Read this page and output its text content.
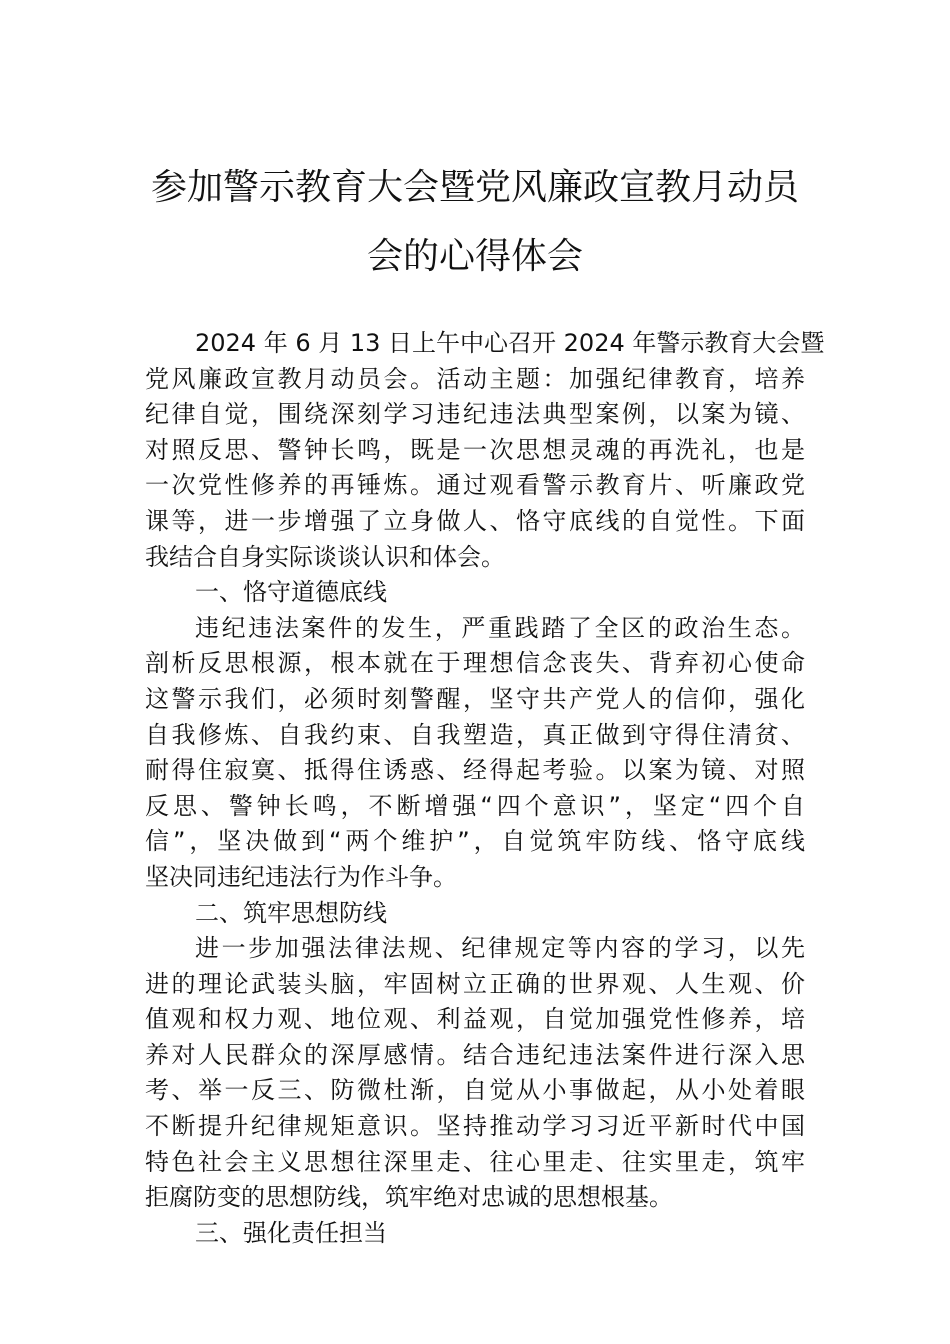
参加警示教育大会暨党风廉政宣教月动员
会的心得体会

2024 年 6 月 13 日上午中心召开 2024 年警示教育大会暨
党风廉政宣教月动员会。活动主题：加强纪律教育，培养
纪律自觉，围绕深刻学习违纪违法典型案例，以案为镜、
对照反思、警钟长鸣，既是一次思想灵魂的再洗礼，也是
一次党性修养的再锤炼。通过观看警示教育片、听廉政党
课等，进一步增强了立身做人、恪守底线的自觉性。下面
我结合自身实际谈谈认识和体会。

一、恪守道德底线

违纪违法案件的发生，严重践踏了全区的政治生态。
剖析反思根源，根本就在于理想信念丧失、背弃初心使命
这警示我们，必须时刻警醒，坚守共产党人的信仰，强化
自我修炼、自我约束、自我塑造，真正做到守得住清贫、
耐得住寂寞、抵得住诱惑、经得起考验。以案为镜、对照
反思、警钟长鸣，不断增强“四个意识”，坚定“四个自
信”，坚决做到“两个维护”，自觉筑牢防线、恪守底线
坚决同违纪违法行为作斗争。

二、筑牢思想防线

进一步加强法律法规、纪律规定等内容的学习，以先
进的理论武装头脑，牢固树立正确的世界观、人生观、价
值观和权力观、地位观、利益观，自觉加强党性修养，培
养对人民群众的深厚感情。结合违纪违法案件进行深入思
考、举一反三、防微杜渐，自觉从小事做起，从小处着眼
不断提升纪律规矩意识。坚持推动学习习近平新时代中国
特色社会主义思想往深里走、往心里走、往实里走，筑牢
拒腐防变的思想防线，筑牢绝对忠诚的思想根基。

三、强化责任担当
